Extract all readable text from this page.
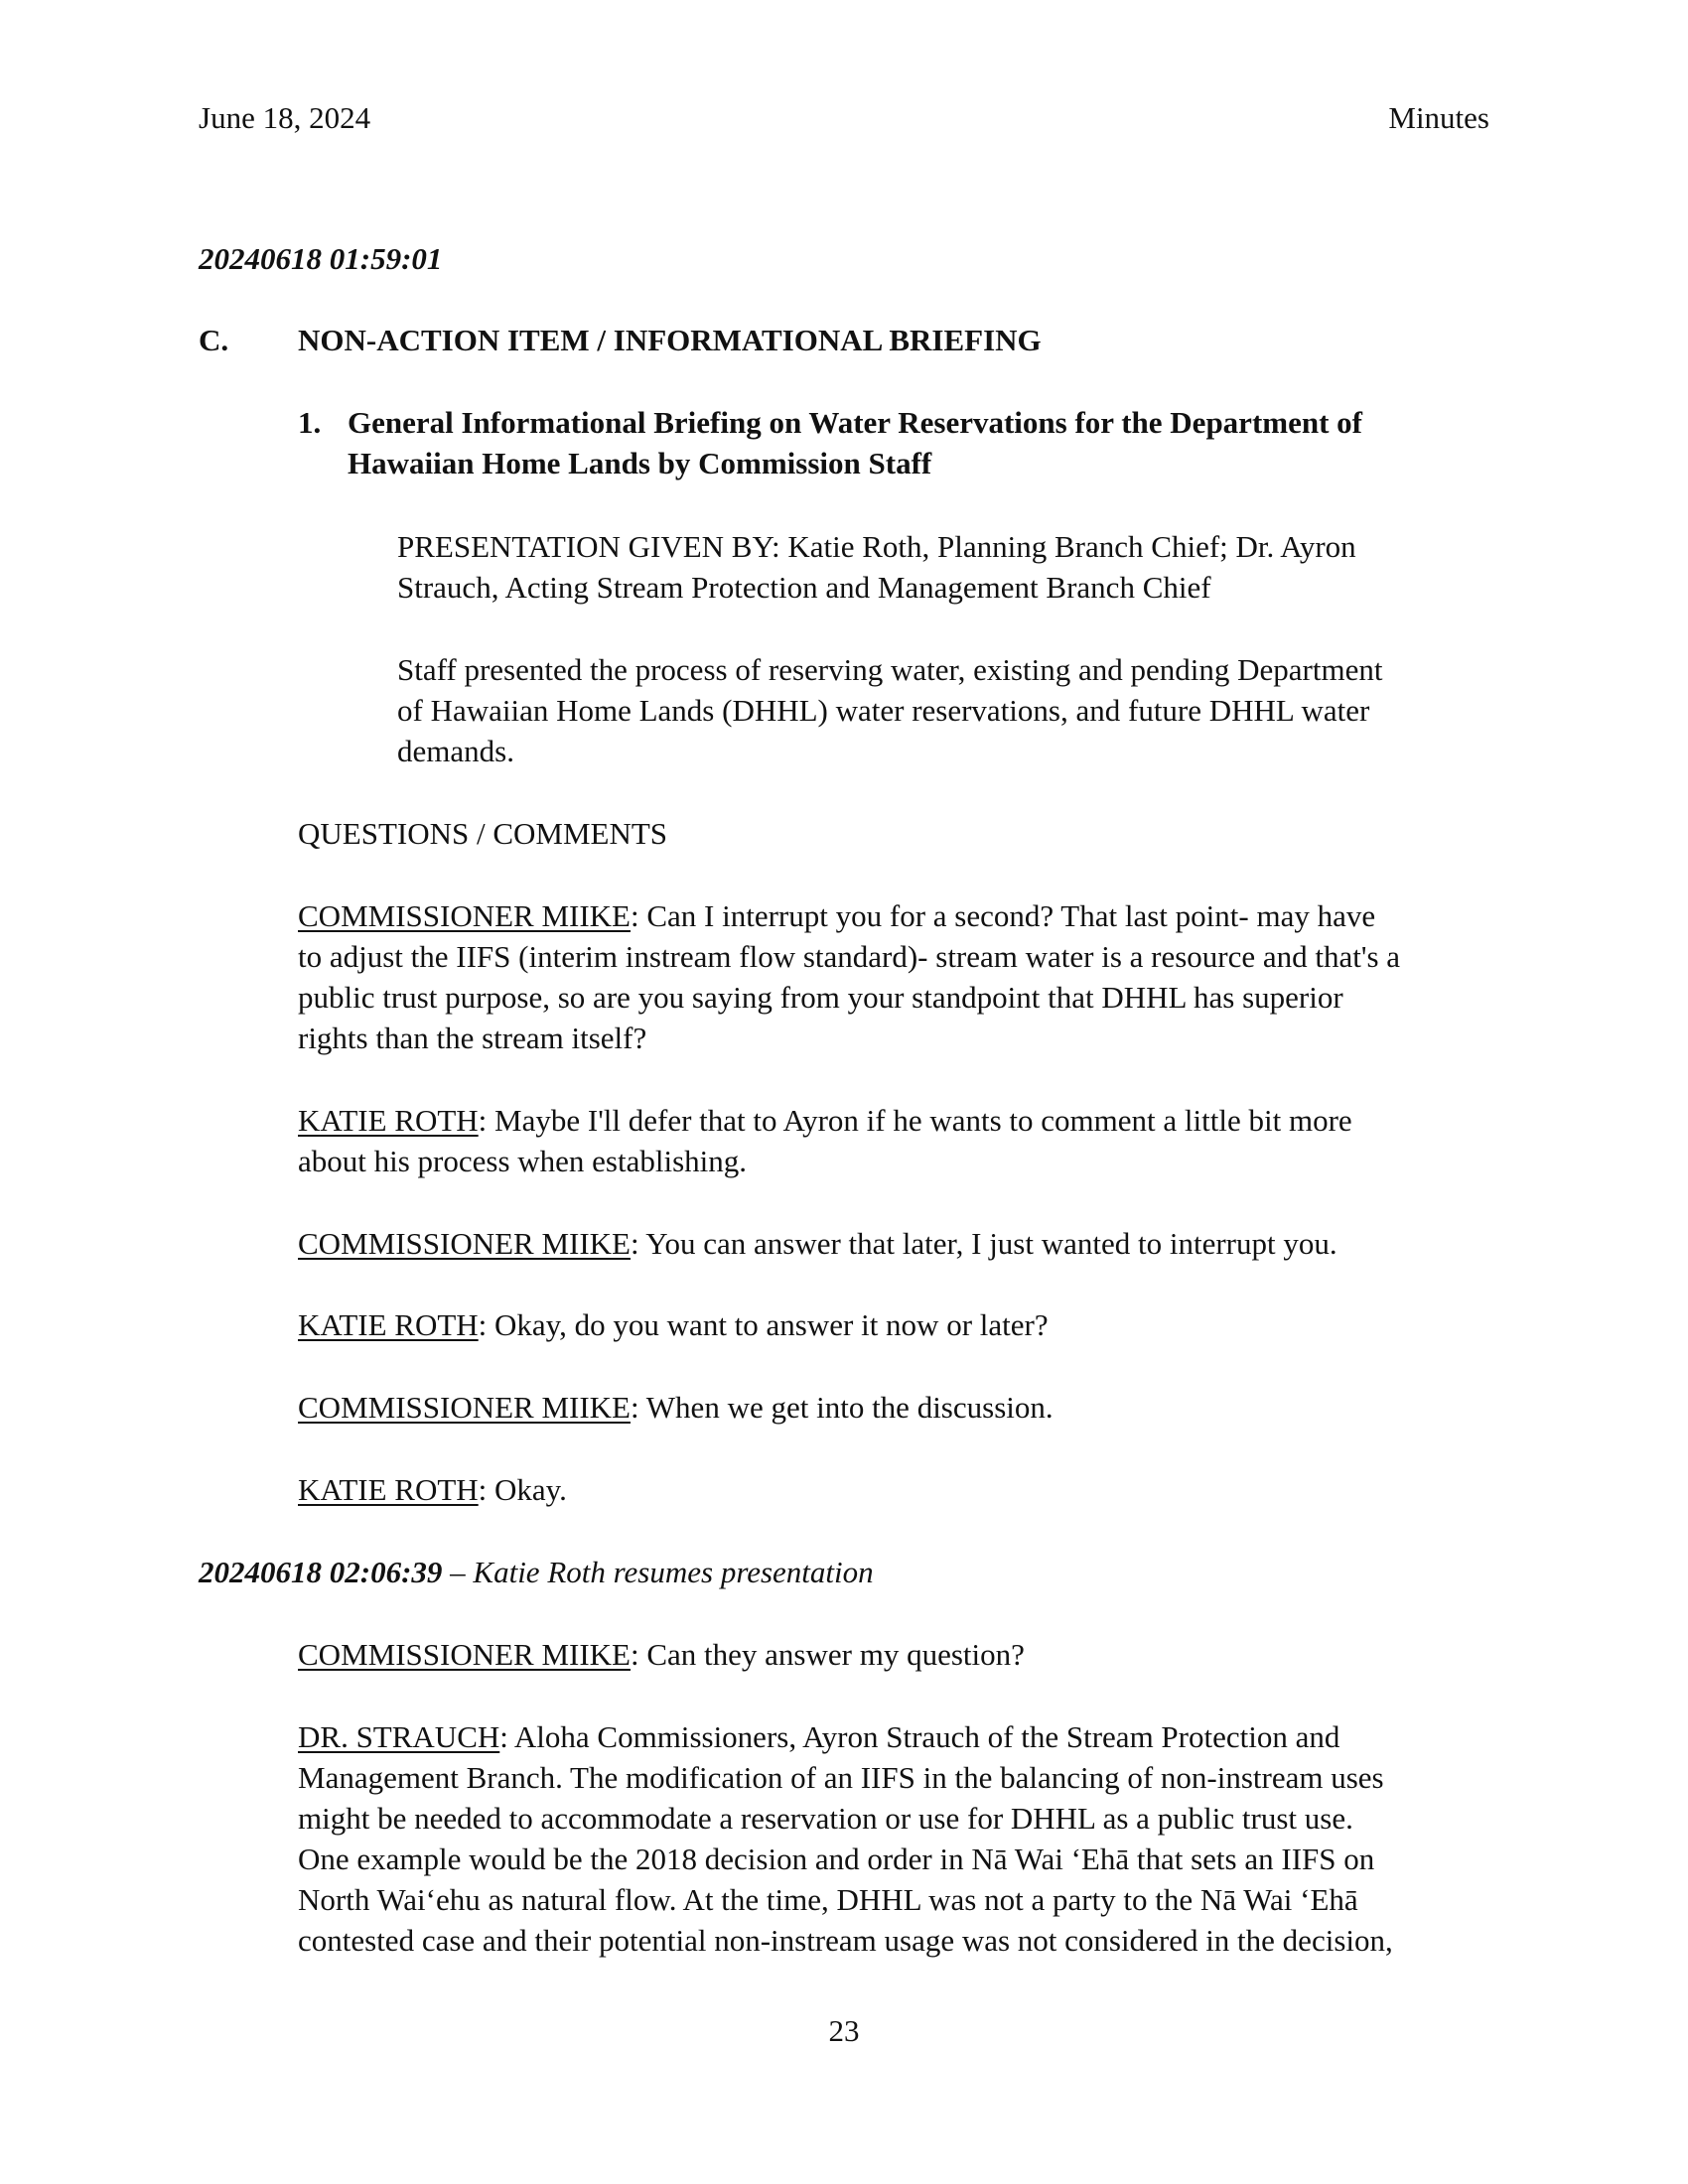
June 18, 2024	Minutes
20240618 01:59:01
C. NON-ACTION ITEM / INFORMATIONAL BRIEFING
1. General Informational Briefing on Water Reservations for the Department of
Hawaiian Home Lands by Commission Staff
PRESENTATION GIVEN BY: Katie Roth, Planning Branch Chief; Dr. Ayron
Strauch, Acting Stream Protection and Management Branch Chief
Staff presented the process of reserving water, existing and pending Department
of Hawaiian Home Lands (DHHL) water reservations, and future DHHL water
demands.
QUESTIONS / COMMENTS
COMMISSIONER MIIKE: Can I interrupt you for a second? That last point- may have
to adjust the IIFS (interim instream flow standard)- stream water is a resource and that's a
public trust purpose, so are you saying from your standpoint that DHHL has superior
rights than the stream itself?
KATIE ROTH: Maybe I'll defer that to Ayron if he wants to comment a little bit more
about his process when establishing.
COMMISSIONER MIIKE: You can answer that later, I just wanted to interrupt you.
KATIE ROTH: Okay, do you want to answer it now or later?
COMMISSIONER MIIKE: When we get into the discussion.
KATIE ROTH: Okay.
20240618 02:06:39 – Katie Roth resumes presentation
COMMISSIONER MIIKE: Can they answer my question?
DR. STRAUCH: Aloha Commissioners, Ayron Strauch of the Stream Protection and
Management Branch. The modification of an IIFS in the balancing of non-instream uses
might be needed to accommodate a reservation or use for DHHL as a public trust use.
One example would be the 2018 decision and order in Nā Wai ‘Ehā that sets an IIFS on
North Wai‘ehu as natural flow. At the time, DHHL was not a party to the Nā Wai ‘Ehā
contested case and their potential non-instream usage was not considered in the decision,
23
